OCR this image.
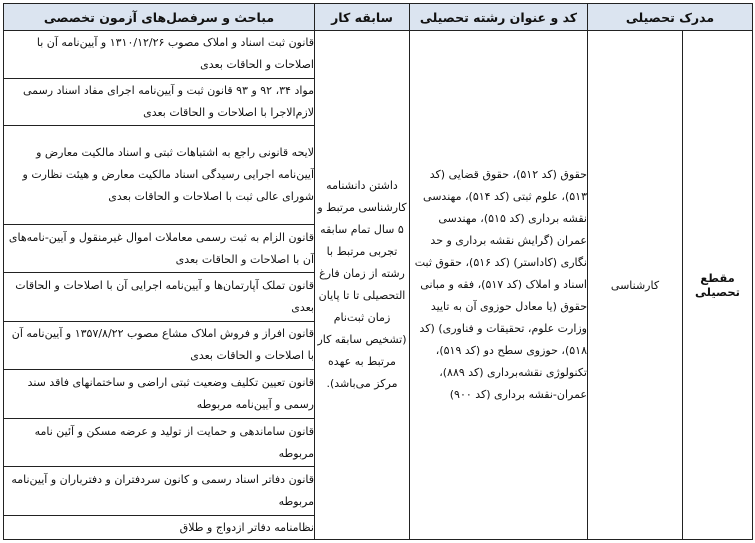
مدرک تحصیلی		کد و عنوان رشته تحصیلی	سابقه کار	مباحث و سرفصل‌های آزمون تخصصی
مقطع تحصیلی	کارشناسی	حقوق (کد ۵۱۲)، حقوق قضایی (کد ۵۱۳)، علوم ثبتی (کد ۵۱۴)، مهندسی نقشه برداری (کد ۵۱۵)، مهندسی عمران (گرایش نقشه برداری و حد نگاری (کاداستر) (کد ۵۱۶)، حقوق ثبت اسناد و املاک (کد ۵۱۷)، فقه و مبانی حقوق (یا معادل حوزوی آن به تایید وزارت علوم، تحقیقات و فناوری) (کد ۵۱۸)، حوزوی سطح دو (کد ۵۱۹)، تکنولوژی نقشه‌برداری (کد ۸۸۹)، عمران-نقشه برداری (کد ۹۰۰)	داشتن دانشنامه کارشناسی مرتبط و ۵ سال تمام سابقه تجربی مرتبط با رشته از زمان فارغ التحصیلی تا تا پایان زمان ثبت‌نام (تشخیص سابقه کار مرتبط به عهده مرکز می‌باشد).	قانون ثبت اسناد و املاک مصوب ۱۳۱۰/۱۲/۲۶ و آیین‌نامه آن با اصلاحات و الحاقات بعدی
				مواد ۳۴، ۹۲ و ۹۳ قانون ثبت و آیین‌نامه اجرای مفاد اسناد رسمی لازم‌الاجرا با اصلاحات و الحاقات بعدی
				لایحه قانونی راجع به اشتباهات ثبتی و اسناد مالکیت معارض و آیین‌نامه اجرایی رسیدگی اسناد مالکیت معارض و هیئت نظارت و شورای عالی ثبت با اصلاحات و الحاقات بعدی
				قانون الزام به ثبت رسمی معاملات اموال غیرمنقول و آیین-نامه‌های آن با اصلاحات و الحاقات بعدی
				قانون تملک آپارتمان‌ها و آیین‌نامه اجرایی آن با اصلاحات و الحاقات بعدی
				قانون افراز و فروش املاک مشاع مصوب ۱۳۵۷/۸/۲۲ و آیین‌نامه آن با اصلاحات و الحاقات بعدی
				قانون تعیین تکلیف وضعیت ثبتی اراضی و ساختمانهای فاقد سند رسمی و آیین‌نامه مربوطه
				قانون ساماندهی و حمایت از تولید و عرضه مسکن و آئین نامه مربوطه
				قانون دفاتر اسناد رسمی و کانون سردفتران و دفترباران و آیین‌نامه مربوطه
				نظامنامه دفاتر ازدواج و طلاق
